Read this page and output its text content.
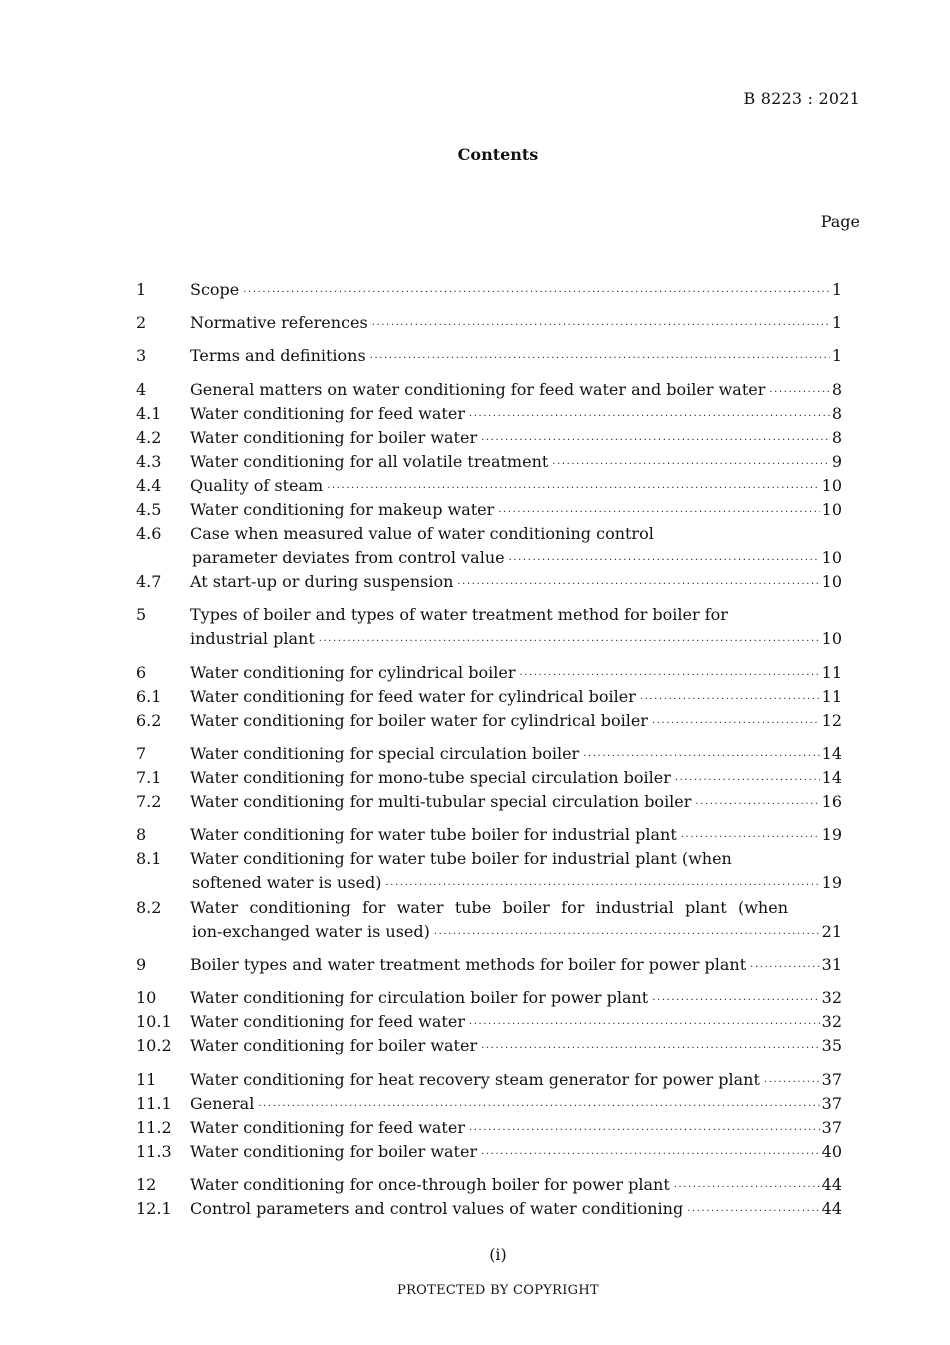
B 8223 : 2021
Contents
Page
1	Scope ·····	1
2	Normative references ·····	1
3	Terms and definitions ·····	1
4	General matters on water conditioning for feed water and boiler water ·····	8
4.1 Water conditioning for feed water ·····	8
4.2 Water conditioning for boiler water ·····	8
4.3 Water conditioning for all volatile treatment ·····	9
4.4 Quality of steam ·····	10
4.5 Water conditioning for makeup water ·····	10
4.6 Case when measured value of water conditioning control
parameter deviates from control value ·····	10
4.7 At start-up or during suspension ·····	10
5	Types of boiler and types of water treatment method for boiler for
industrial plant ·····	10
6	Water conditioning for cylindrical boiler ·····	11
6.1 Water conditioning for feed water for cylindrical boiler ·····	11
6.2 Water conditioning for boiler water for cylindrical boiler ·····	12
7	Water conditioning for special circulation boiler ·····	14
7.1 Water conditioning for mono-tube special circulation boiler ·····	14
7.2 Water conditioning for multi-tubular special circulation boiler ·····	16
8	Water conditioning for water tube boiler for industrial plant ·····	19
8.1 Water conditioning for water tube boiler for industrial plant (when
softened water is used) ·····	19
8.2 Water conditioning for water tube boiler for industrial plant (when
ion-exchanged water is used) ·····	21
9	Boiler types and water treatment methods for boiler for power plant ·····	31
10 Water conditioning for circulation boiler for power plant ·····	32
10.1 Water conditioning for feed water ·····	32
10.2 Water conditioning for boiler water ·····	35
11 Water conditioning for heat recovery steam generator for power plant ·····	37
11.1 General ·····	37
11.2 Water conditioning for feed water ·····	37
11.3 Water conditioning for boiler water ·····	40
12 Water conditioning for once-through boiler for power plant ·····	44
12.1 Control parameters and control values of water conditioning ·····	44
(i)
PROTECTED BY COPYRIGHT
